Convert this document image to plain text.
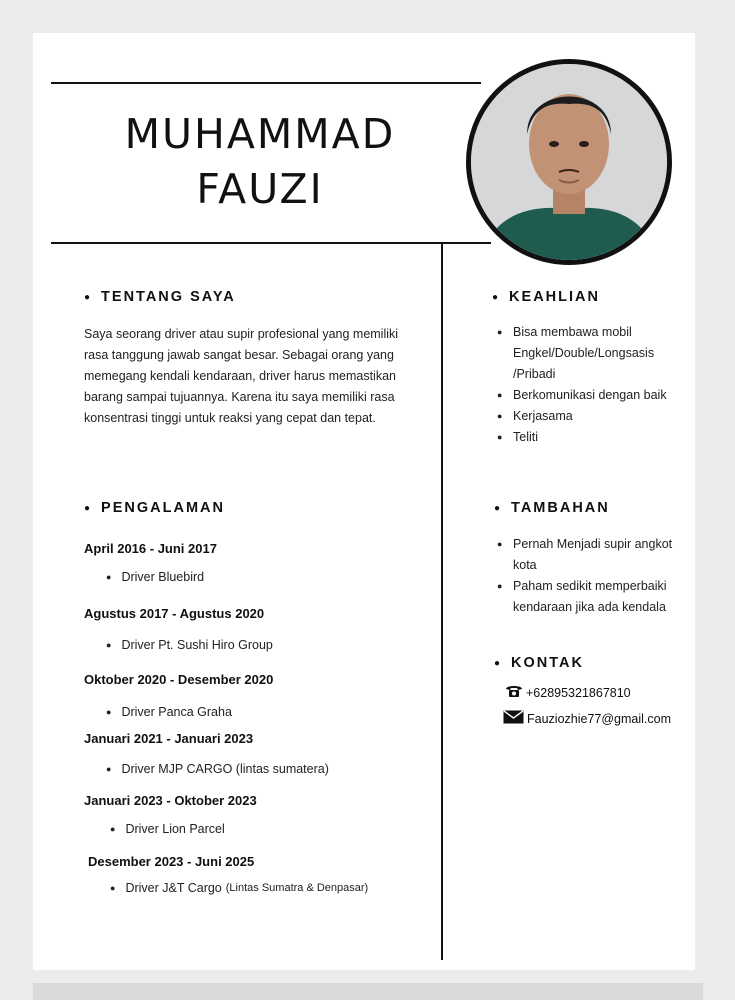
MUHAMMAD
FAUZI
● TENTANG SAYA
Saya seorang driver atau supir profesional yang memiliki rasa tanggung jawab sangat besar. Sebagai orang yang memegang kendali kendaraan, driver harus memastikan barang sampai tujuannya. Karena itu saya memiliki rasa konsentrasi tinggi untuk reaksi yang cepat dan tepat.
● PENGALAMAN
April 2016 - Juni 2017
● Driver Bluebird
Agustus 2017 - Agustus 2020
● Driver Pt. Sushi Hiro Group
Oktober 2020 - Desember 2020
● Driver Panca Graha
Januari 2021 - Januari 2023
● Driver MJP CARGO (lintas sumatera)
Januari 2023 - Oktober 2023
● Driver Lion Parcel
Desember 2023 - Juni 2025
● Driver J&T Cargo (Lintas Sumatra & Denpasar)
● KEAHLIAN
● Bisa membawa mobil Engkel/Double/Longsasis /Pribadi
● Berkomunikasi dengan baik
● Kerjasama
● Teliti
● TAMBAHAN
● Pernah Menjadi supir angkot kota
● Paham sedikit memperbaiki kendaraan jika ada kendala
● KONTAK
+62895321867810
Fauziozhie77@gmail.com
